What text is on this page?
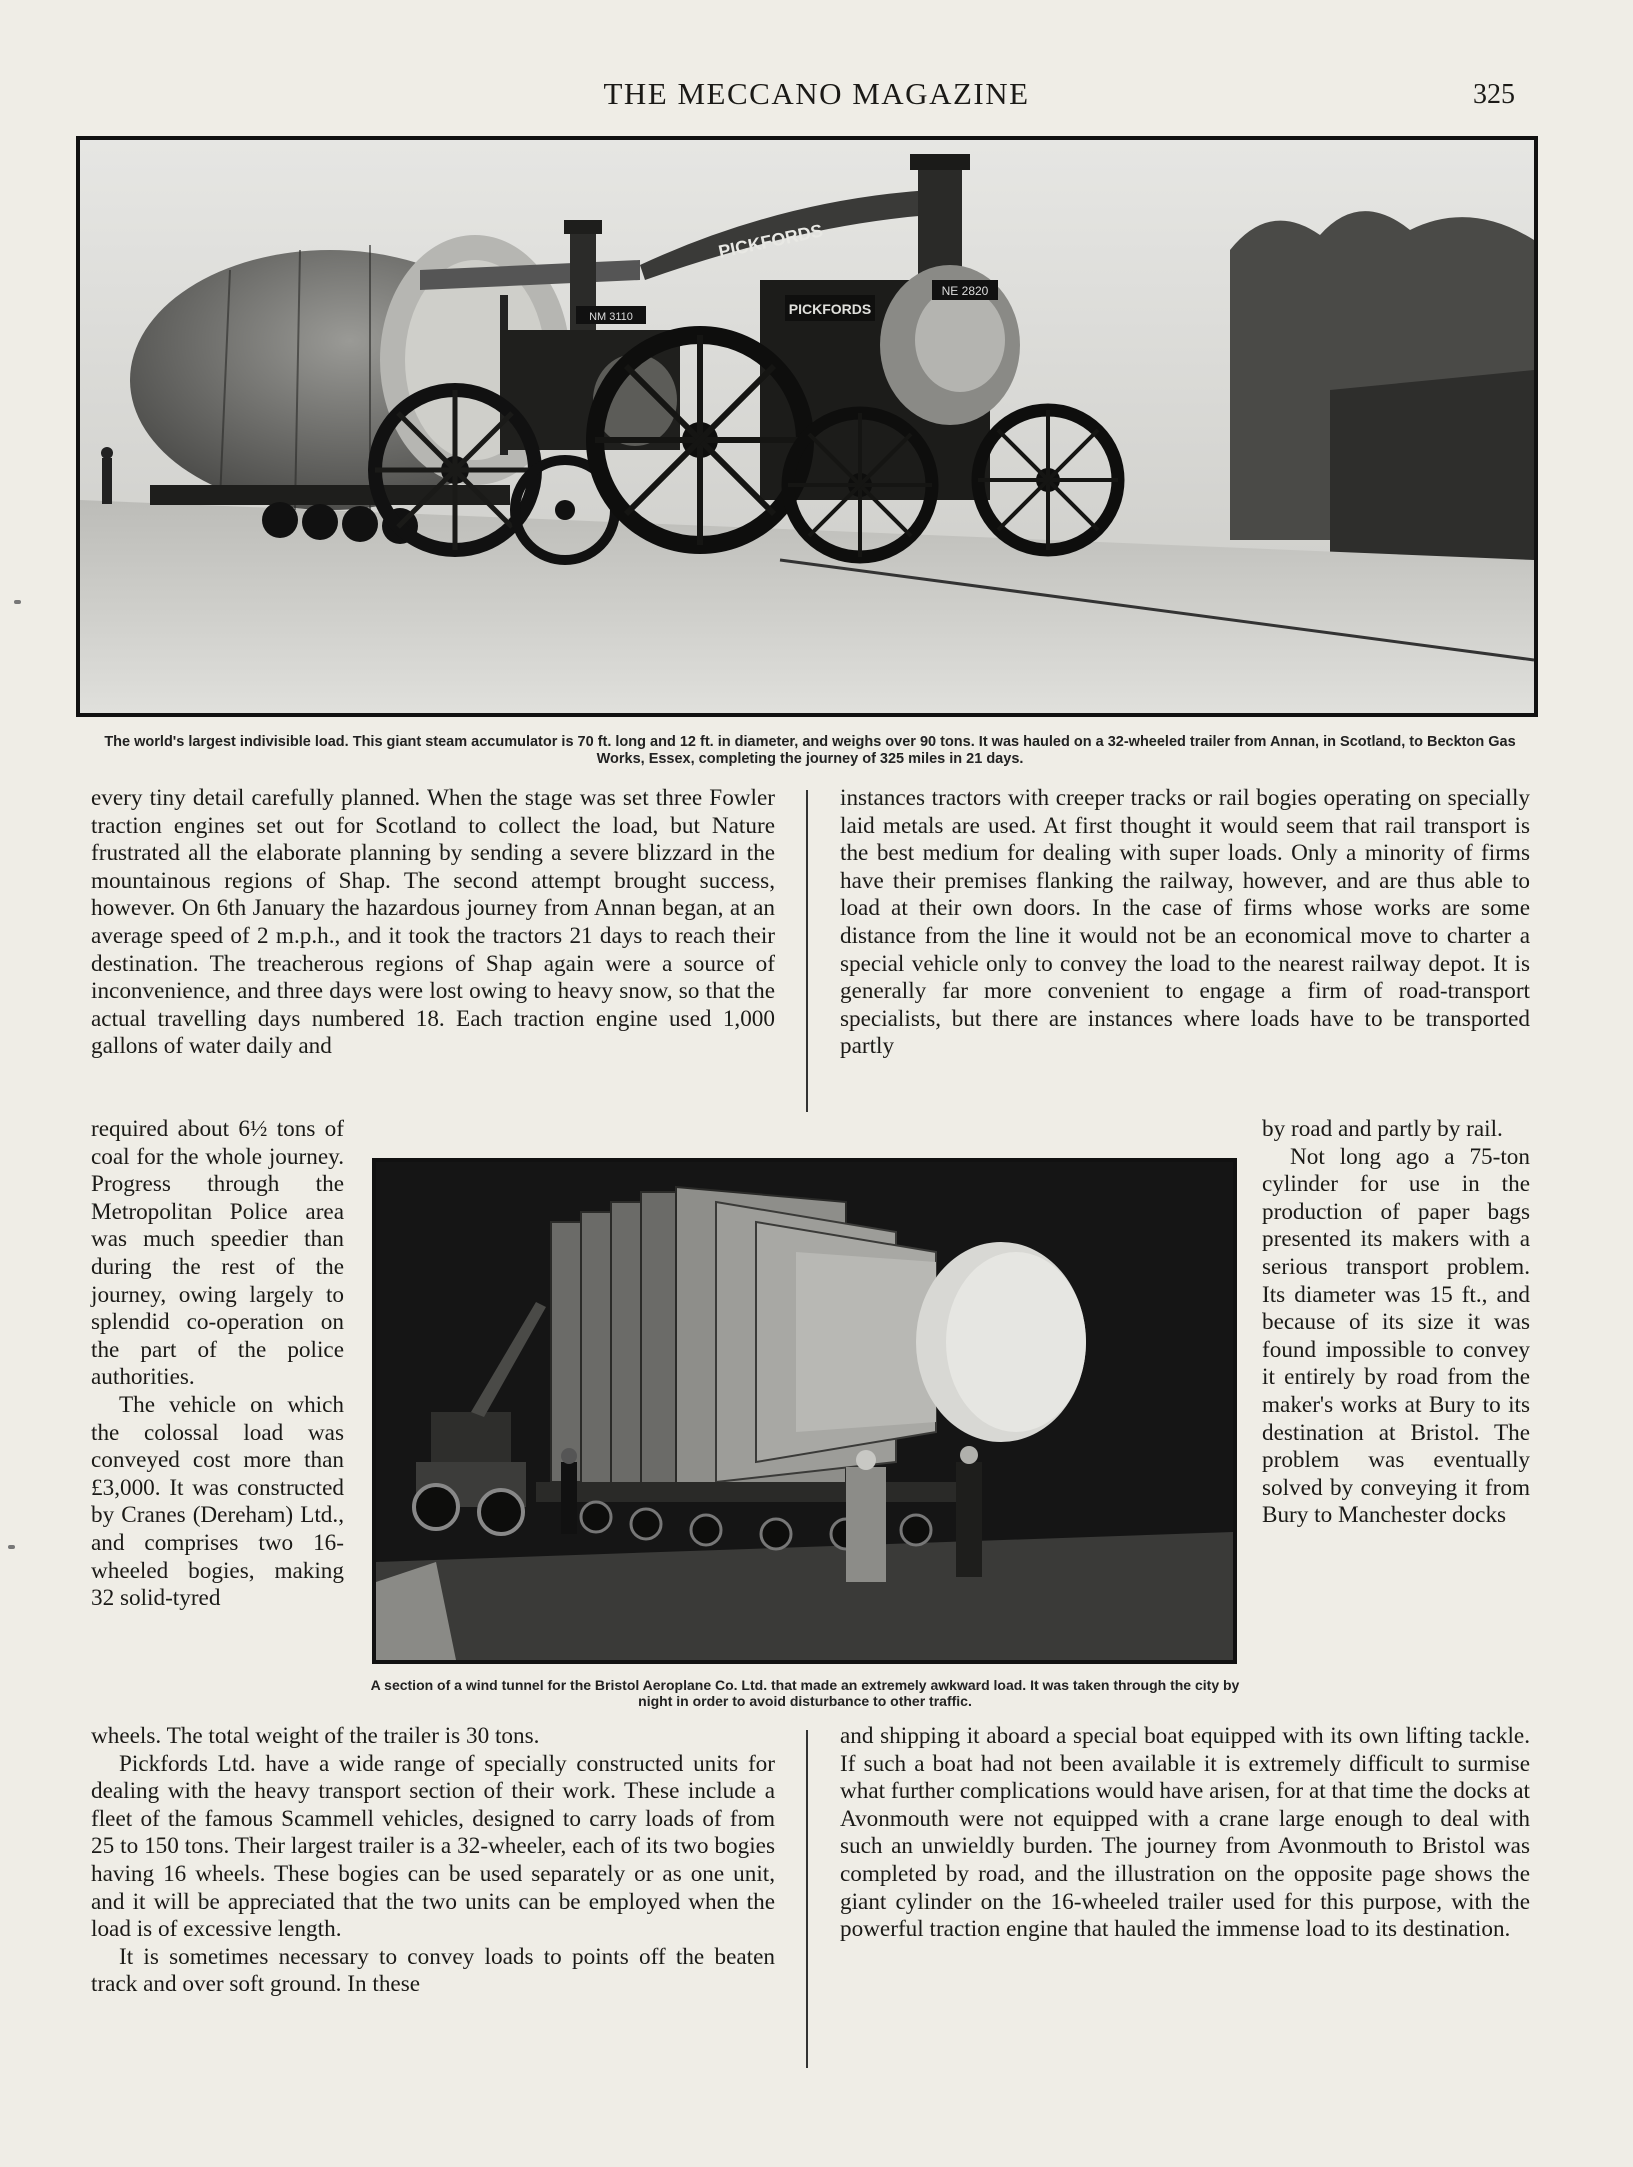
THE MECCANO MAGAZINE	325
NM 3110
PICKFORDS
PICKFORDS
NE 2820
The world's largest indivisible load. This giant steam accumulator is 70 ft. long and 12 ft. in diameter, and weighs over 90 tons. It was hauled on a 32-wheeled trailer from Annan, in Scotland, to Beckton Gas Works, Essex, completing the journey of 325 miles in 21 days.
A section of a wind tunnel for the Bristol Aeroplane Co. Ltd. that made an extremely awkward load. It was taken through the city by night in order to avoid disturbance to other traffic.

every tiny detail carefully planned. When the stage was set three Fowler traction engines set out for Scotland to collect the load, but Nature frustrated all the elaborate planning by sending a severe blizzard in the mountainous regions of Shap. The second attempt brought success, however. On 6th January the hazardous journey from Annan began, at an average speed of 2 m.p.h., and it took the tractors 21 days to reach their destination. The treacherous regions of Shap again were a source of inconvenience, and three days were lost owing to heavy snow, so that the actual travelling days numbered 18. Each traction engine used 1,000 gallons of water daily and

instances tractors with creeper tracks or rail bogies operating on specially laid metals are used. At first thought it would seem that rail transport is the best medium for dealing with super loads. Only a minority of firms have their premises flanking the railway, however, and are thus able to load at their own doors. In the case of firms whose works are some distance from the line it would not be an economical move to charter a special vehicle only to convey the load to the nearest railway depot. It is generally far more convenient to engage a firm of road-transport specialists, but there are instances where loads have to be transported partly

required about 6½ tons of coal for the whole journey. Progress through the Metropolitan Police area was much speedier than during the rest of the journey, owing largely to splendid co-operation on the part of the police authorities.

The vehicle on which the colossal load was conveyed cost more than £3,000. It was constructed by Cranes (Dereham) Ltd., and comprises two 16-wheeled bogies, making 32 solid-tyred

by road and partly by rail.

Not long ago a 75-ton cylinder for use in the production of paper bags presented its makers with a serious transport problem. Its diameter was 15 ft., and because of its size it was found impossible to convey it entirely by road from the maker's works at Bury to its destination at Bristol. The problem was eventually solved by conveying it from Bury to Manchester docks

wheels. The total weight of the trailer is 30 tons.

Pickfords Ltd. have a wide range of specially constructed units for dealing with the heavy transport section of their work. These include a fleet of the famous Scammell vehicles, designed to carry loads of from 25 to 150 tons. Their largest trailer is a 32-wheeler, each of its two bogies having 16 wheels. These bogies can be used separately or as one unit, and it will be appreciated that the two units can be employed when the load is of excessive length.

It is sometimes necessary to convey loads to points off the beaten track and over soft ground. In these

and shipping it aboard a special boat equipped with its own lifting tackle. If such a boat had not been available it is extremely difficult to surmise what further complications would have arisen, for at that time the docks at Avonmouth were not equipped with a crane large enough to deal with such an unwieldly burden. The journey from Avonmouth to Bristol was completed by road, and the illustration on the opposite page shows the giant cylinder on the 16-wheeled trailer used for this purpose, with the powerful traction engine that hauled the immense load to its destination.
